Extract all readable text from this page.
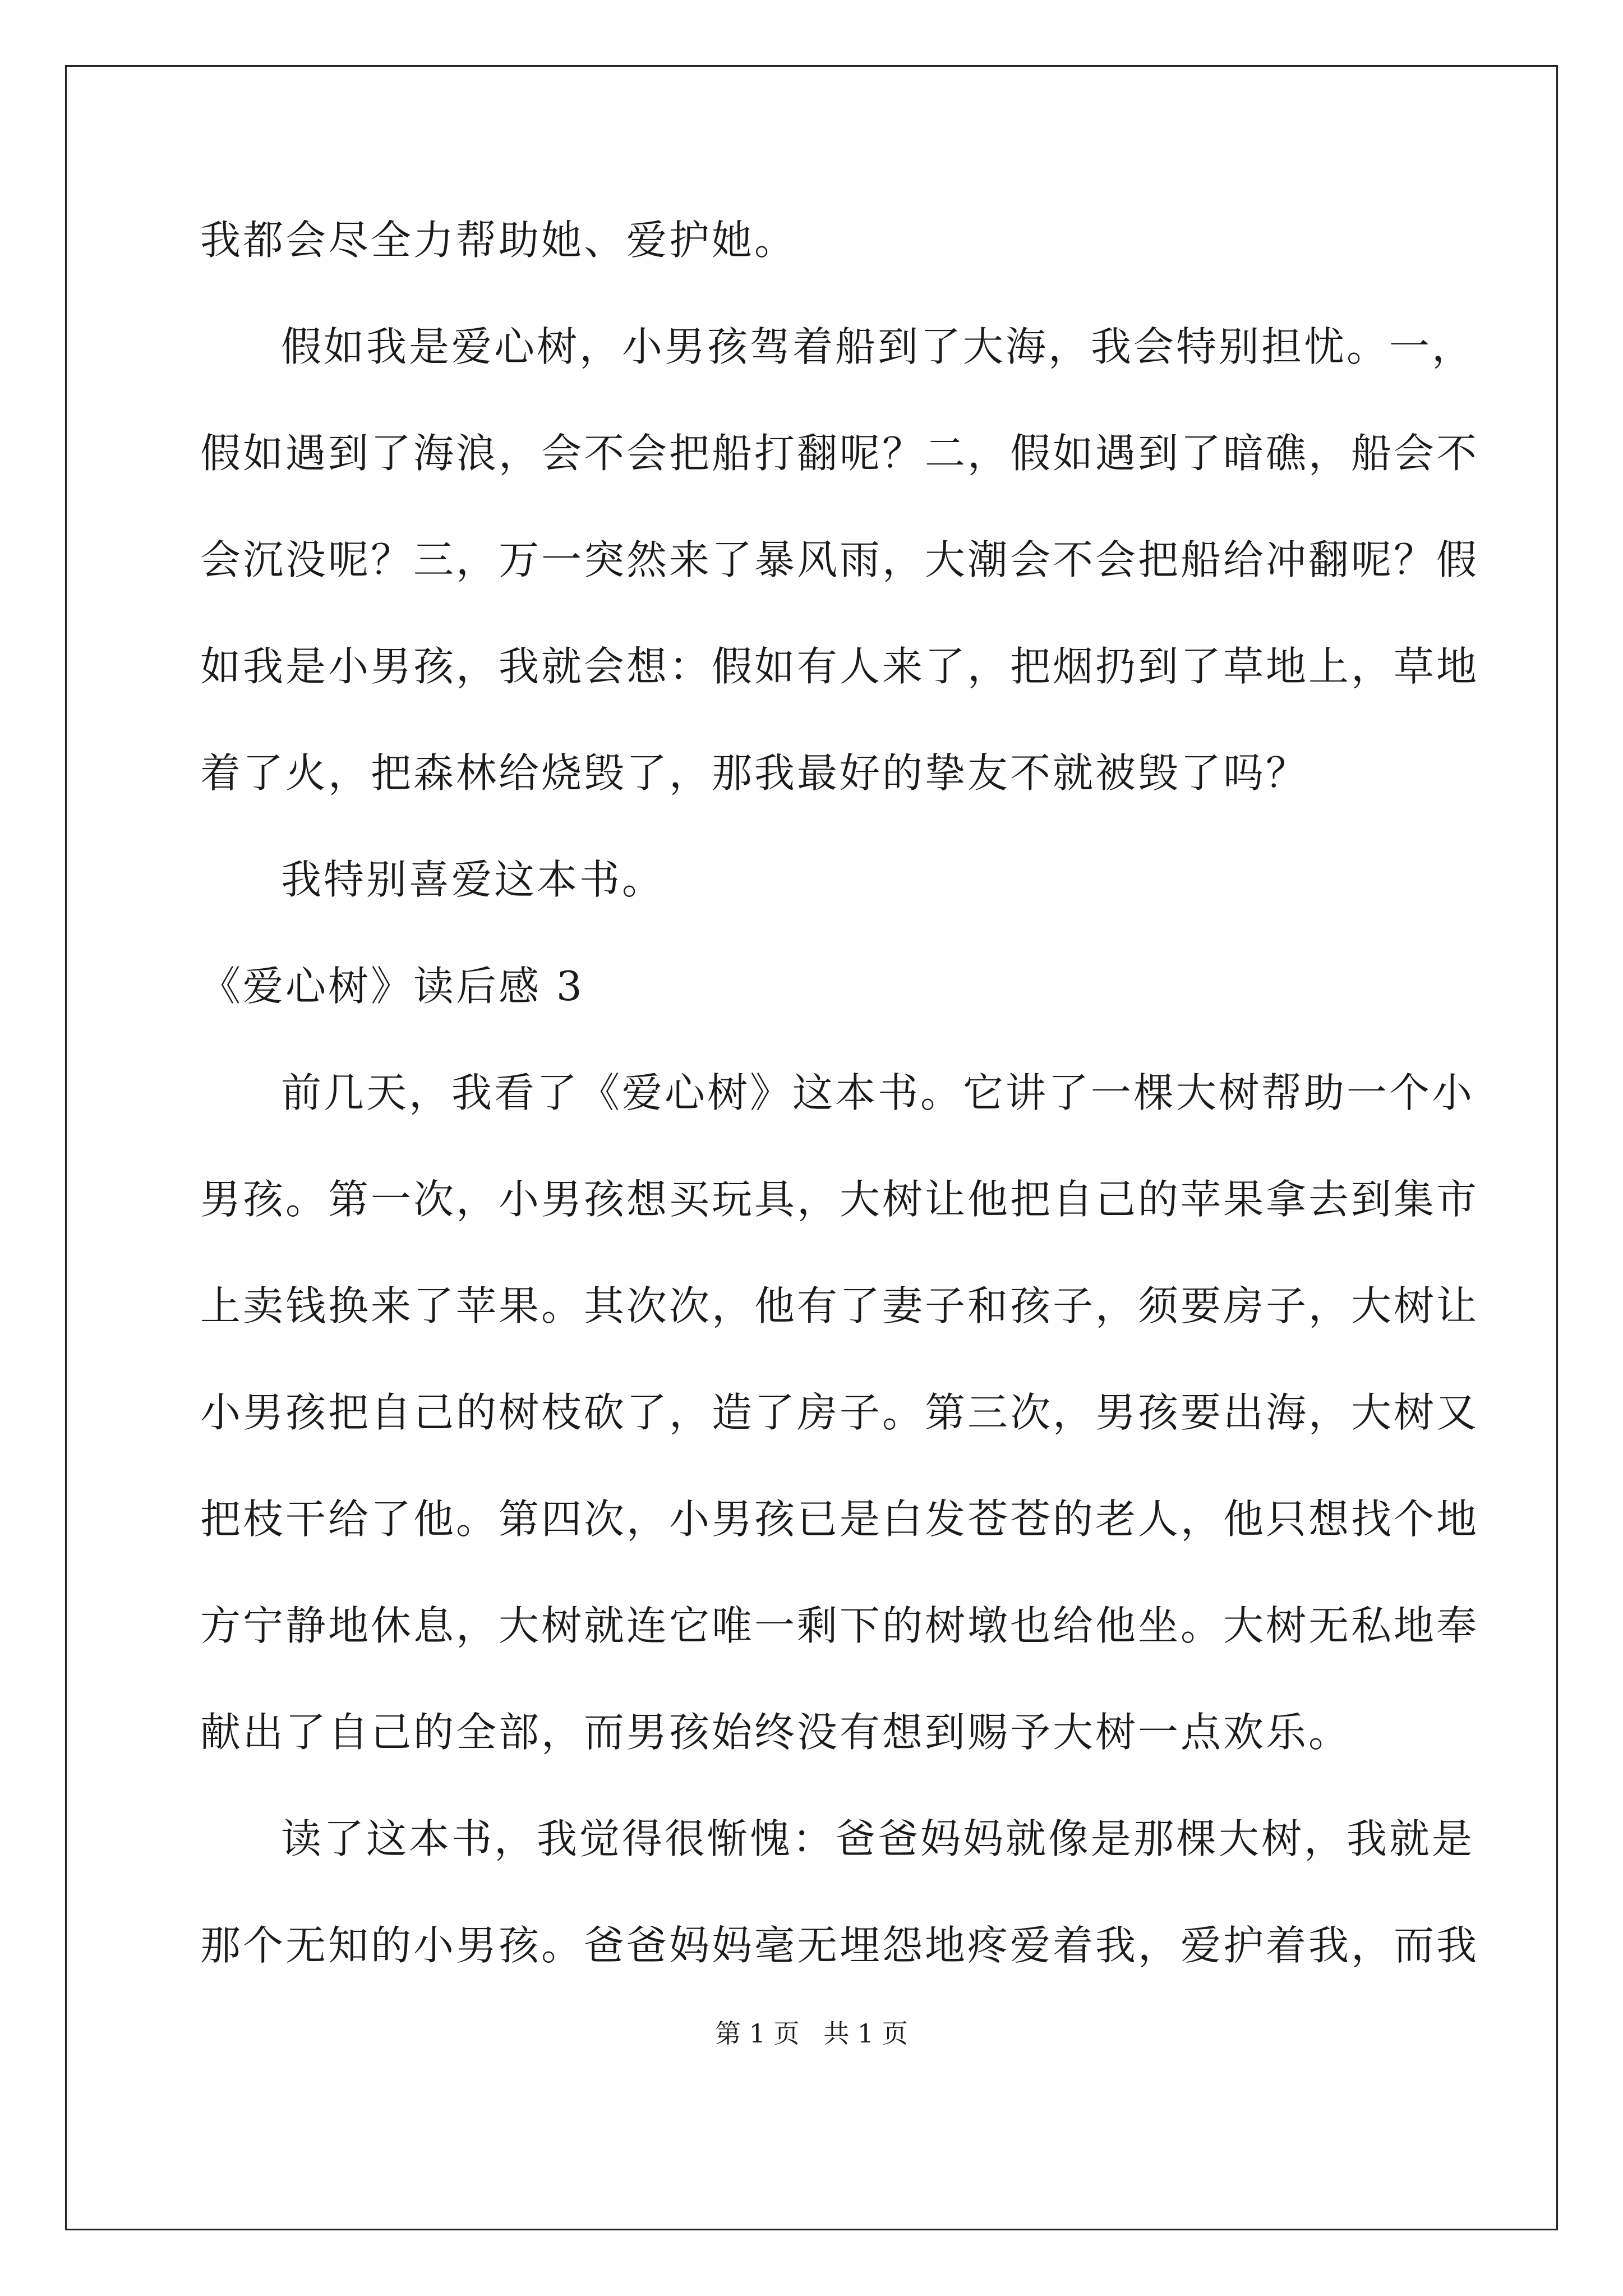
我都会尽全力帮助她、爱护她。
假如我是爱心树，小男孩驾着船到了大海，我会特别担忧。一，
假如遇到了海浪，会不会把船打翻呢？二，假如遇到了暗礁，船会不
会沉没呢？三，万一突然来了暴风雨，大潮会不会把船给冲翻呢？假
如我是小男孩，我就会想：假如有人来了，把烟扔到了草地上，草地
着了火，把森林给烧毁了，那我最好的挚友不就被毁了吗？
我特别喜爱这本书。
《爱心树》读后感 3
前几天，我看了《爱心树》这本书。它讲了一棵大树帮助一个小
男孩。第一次，小男孩想买玩具，大树让他把自己的苹果拿去到集市
上卖钱换来了苹果。其次次，他有了妻子和孩子，须要房子，大树让
小男孩把自己的树枝砍了，造了房子。第三次，男孩要出海，大树又
把枝干给了他。第四次，小男孩已是白发苍苍的老人，他只想找个地
方宁静地休息，大树就连它唯一剩下的树墩也给他坐。大树无私地奉
献出了自己的全部，而男孩始终没有想到赐予大树一点欢乐。
读了这本书，我觉得很惭愧：爸爸妈妈就像是那棵大树，我就是
那个无知的小男孩。爸爸妈妈毫无埋怨地疼爱着我，爱护着我，而我
第 1 页 共 1 页
